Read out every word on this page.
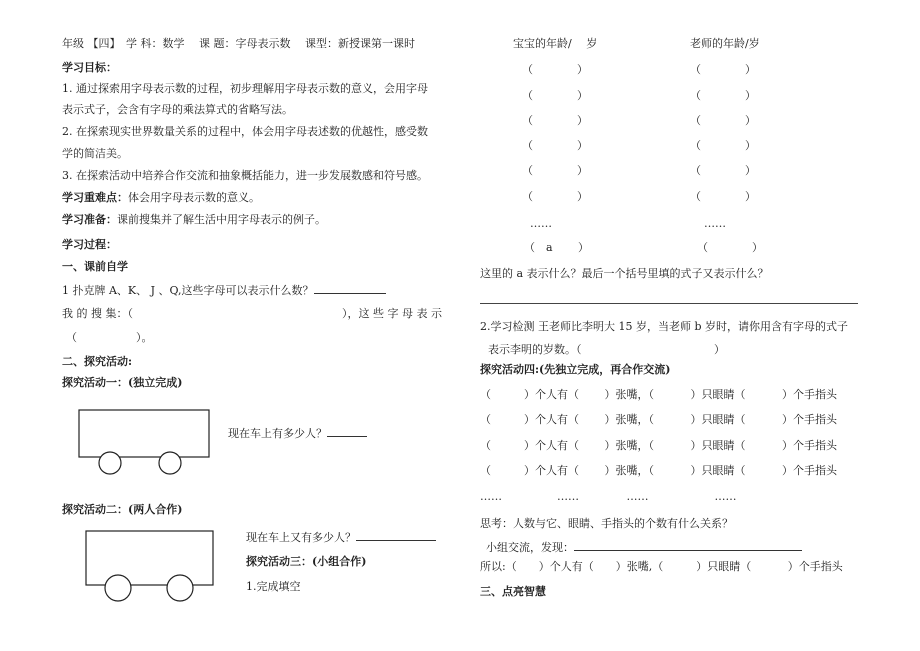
年级 【四】　学 科：数学　 课 题：字母表示数　 课型：新授课第一课时
学习目标：
1. 通过探索用字母表示数的过程，初步理解用字母表示数的意义，会用字母
表示式子，会含有字母的乘法算式的省略写法。
2. 在探索现实世界数量关系的过程中，体会用字母表述数的优越性，感受数
学的简洁美。
3. 在探索活动中培养合作交流和抽象概括能力，进一步发展数感和符号感。
学习重难点：体会用字母表示数的意义。
学习准备：课前搜集并了解生活中用字母表示的例子。
学习过程：
一、课前自学
1 扑克牌 A、K、 J 、Q,这些字母可以表示什么数？
我 的 搜 集：（	），这 些 字 母 表 示
（	）。
二、探究活动:
探究活动一：(独立完成)
现在车上有多少人？
探究活动二：(两人合作)
现在车上又有多少人？
探究活动三：(小组合作)
1.完成填空
宝宝的年龄/　 岁	老师的年龄/岁
（　　　　）	（　　　　）
（　　　　）	（　　　　）
（　　　　）	（　　　　）
（　　　　）	（　　　　）
（　　　　）	（　　　　）
（　　　　）	（　　　　）
……	……
（　a　　 ）	（　　　　）
这里的 a 表示什么？最后一个括号里填的式子又表示什么？
2.学习检测 王老师比李明大 15 岁，当老师 b 岁时，请你用含有字母的式子
表示李明的岁数。（	）
探究活动四:(先独立完成，再合作交流)
（　　　）个人有（　　 ）张嘴，（　　　 ）只眼睛（　　　 ）个手指头
（　　　）个人有（　　 ）张嘴，（　　　 ）只眼睛（　　　 ）个手指头
（　　　）个人有（　　 ）张嘴，（　　　 ）只眼睛（　　　 ）个手指头
（　　　）个人有（　　 ）张嘴，（　　　 ）只眼睛（　　　 ）个手指头
……　　　　　……　　　　 ……　　　　　　……
思考：人数与它、眼睛、手指头的个数有什么关系？
小组交流，发现：
所以:（　　）个人有（　　）张嘴,（　　　）只眼睛（　　　 ）个手指头
三、点亮智慧
